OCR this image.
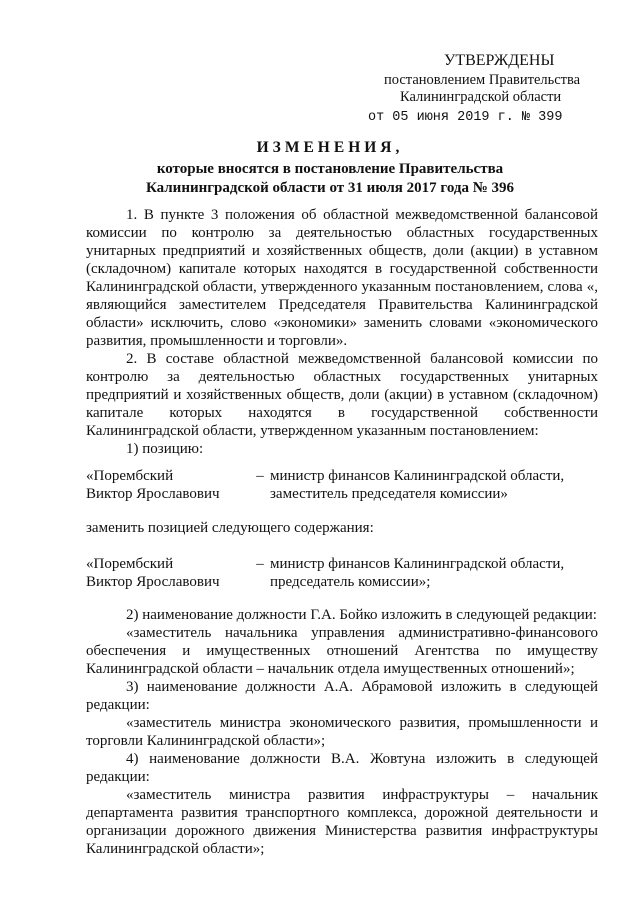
УТВЕРЖДЕНЫ
постановлением Правительства
Калининградской области
от 05 июня 2019 г. № 399
ИЗМЕНЕНИЯ,
которые вносятся в постановление Правительства
Калининградской области от 31 июля 2017 года № 396

1. В пункте 3 положения об областной межведомственной балансовой комиссии по контролю за деятельностью областных государственных унитарных предприятий и хозяйственных обществ, доли (акции) в уставном (складочном) капитале которых находятся в государственной собственности Калининградской области, утвержденного указанным постановлением, слова «, являющийся заместителем Председателя Правительства Калининградской области» исключить, слово «экономики» заменить словами «экономического развития, промышленности и торговли».

2. В составе областной межведомственной балансовой комиссии по контролю за деятельностью областных государственных унитарных предприятий и хозяйственных обществ, доли (акции) в уставном (складочном) капитале которых находятся в государственной собственности Калининградской области, утвержденном указанным постановлением:

1) позицию:

«Порембский
Виктор Ярославович
– министр финансов Калининградской области,
заместитель председателя комиссии»
заменить позицией следующего содержания:
«Порембский
Виктор Ярославович
– министр финансов Калининградской области,
председатель комиссии»;

2) наименование должности Г.А. Бойко изложить в следующей редакции:

«заместитель начальника управления административно-финансового обеспечения и имущественных отношений Агентства по имуществу Калининградской области – начальник отдела имущественных отношений»;

3) наименование должности А.А. Абрамовой изложить в следующей редакции:

«заместитель министра экономического развития, промышленности и торговли Калининградской области»;

4) наименование должности В.А. Жовтуна изложить в следующей редакции:

«заместитель министра развития инфраструктуры – начальник департамента развития транспортного комплекса, дорожной деятельности и организации дорожного движения Министерства развития инфраструктуры Калининградской области»;
